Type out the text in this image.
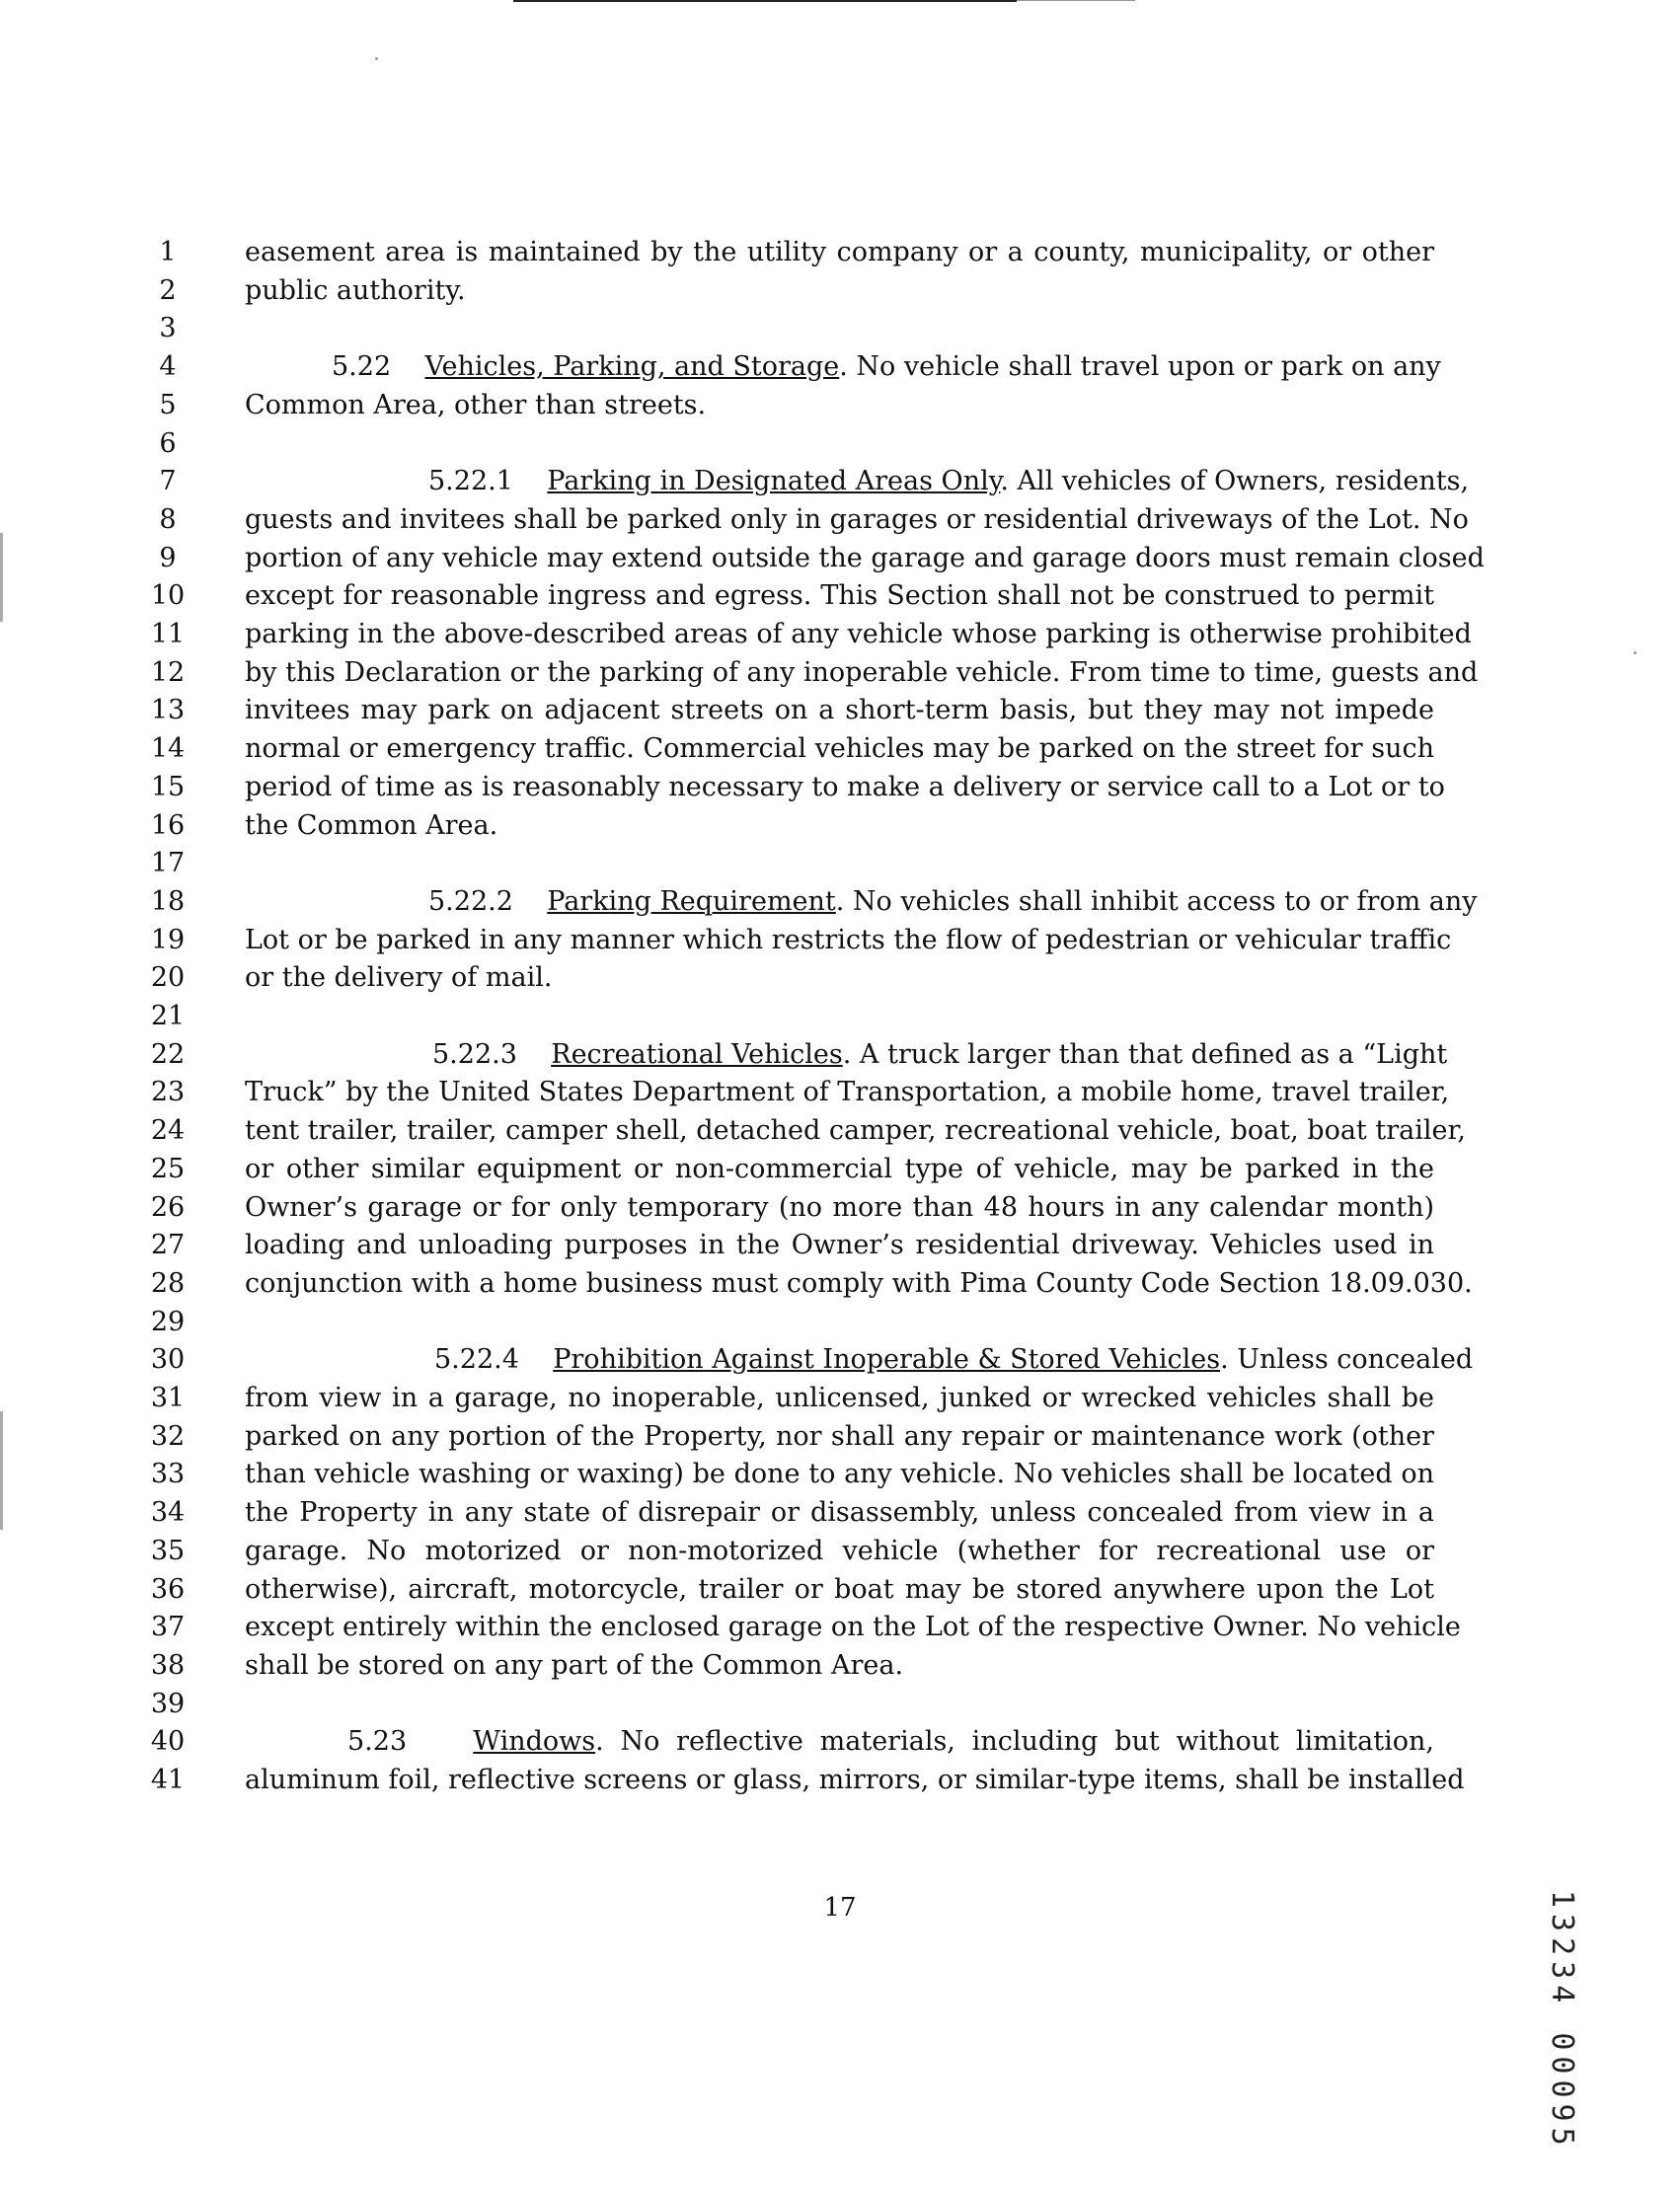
1
2
3
4
5
6
7
8
9
10
11
12
13
14
15
16
17
18
19
20
21
22
23
24
25
26
27
28
29
30
31
32
33
34
35
36
37
38
39
40
41
easement area is maintained by the utility company or a county, municipality, or other
public authority.
5.22 Vehicles, Parking, and Storage. No vehicle shall travel upon or park on any
Common Area, other than streets.
5.22.1 Parking in Designated Areas Only. All vehicles of Owners, residents,
guests and invitees shall be parked only in garages or residential driveways of the Lot. No
portion of any vehicle may extend outside the garage and garage doors must remain closed
except for reasonable ingress and egress. This Section shall not be construed to permit
parking in the above-described areas of any vehicle whose parking is otherwise prohibited
by this Declaration or the parking of any inoperable vehicle. From time to time, guests and
invitees may park on adjacent streets on a short-term basis, but they may not impede
normal or emergency traffic. Commercial vehicles may be parked on the street for such
period of time as is reasonably necessary to make a delivery or service call to a Lot or to
the Common Area.
5.22.2 Parking Requirement. No vehicles shall inhibit access to or from any
Lot or be parked in any manner which restricts the flow of pedestrian or vehicular traffic
or the delivery of mail.
5.22.3 Recreational Vehicles. A truck larger than that defined as a “Light
Truck” by the United States Department of Transportation, a mobile home, travel trailer,
tent trailer, trailer, camper shell, detached camper, recreational vehicle, boat, boat trailer,
or other similar equipment or non-commercial type of vehicle, may be parked in the
Owner’s garage or for only temporary (no more than 48 hours in any calendar month)
loading and unloading purposes in the Owner’s residential driveway. Vehicles used in
conjunction with a home business must comply with Pima County Code Section 18.09.030.
5.22.4 Prohibition Against Inoperable & Stored Vehicles. Unless concealed
from view in a garage, no inoperable, unlicensed, junked or wrecked vehicles shall be
parked on any portion of the Property, nor shall any repair or maintenance work (other
than vehicle washing or waxing) be done to any vehicle. No vehicles shall be located on
the Property in any state of disrepair or disassembly, unless concealed from view in a
garage. No motorized or non-motorized vehicle (whether for recreational use or
otherwise), aircraft, motorcycle, trailer or boat may be stored anywhere upon the Lot
except entirely within the enclosed garage on the Lot of the respective Owner. No vehicle
shall be stored on any part of the Common Area.
5.23 Windows. No reflective materials, including but without limitation,
aluminum foil, reflective screens or glass, mirrors, or similar-type items, shall be installed
17	13234 00095
